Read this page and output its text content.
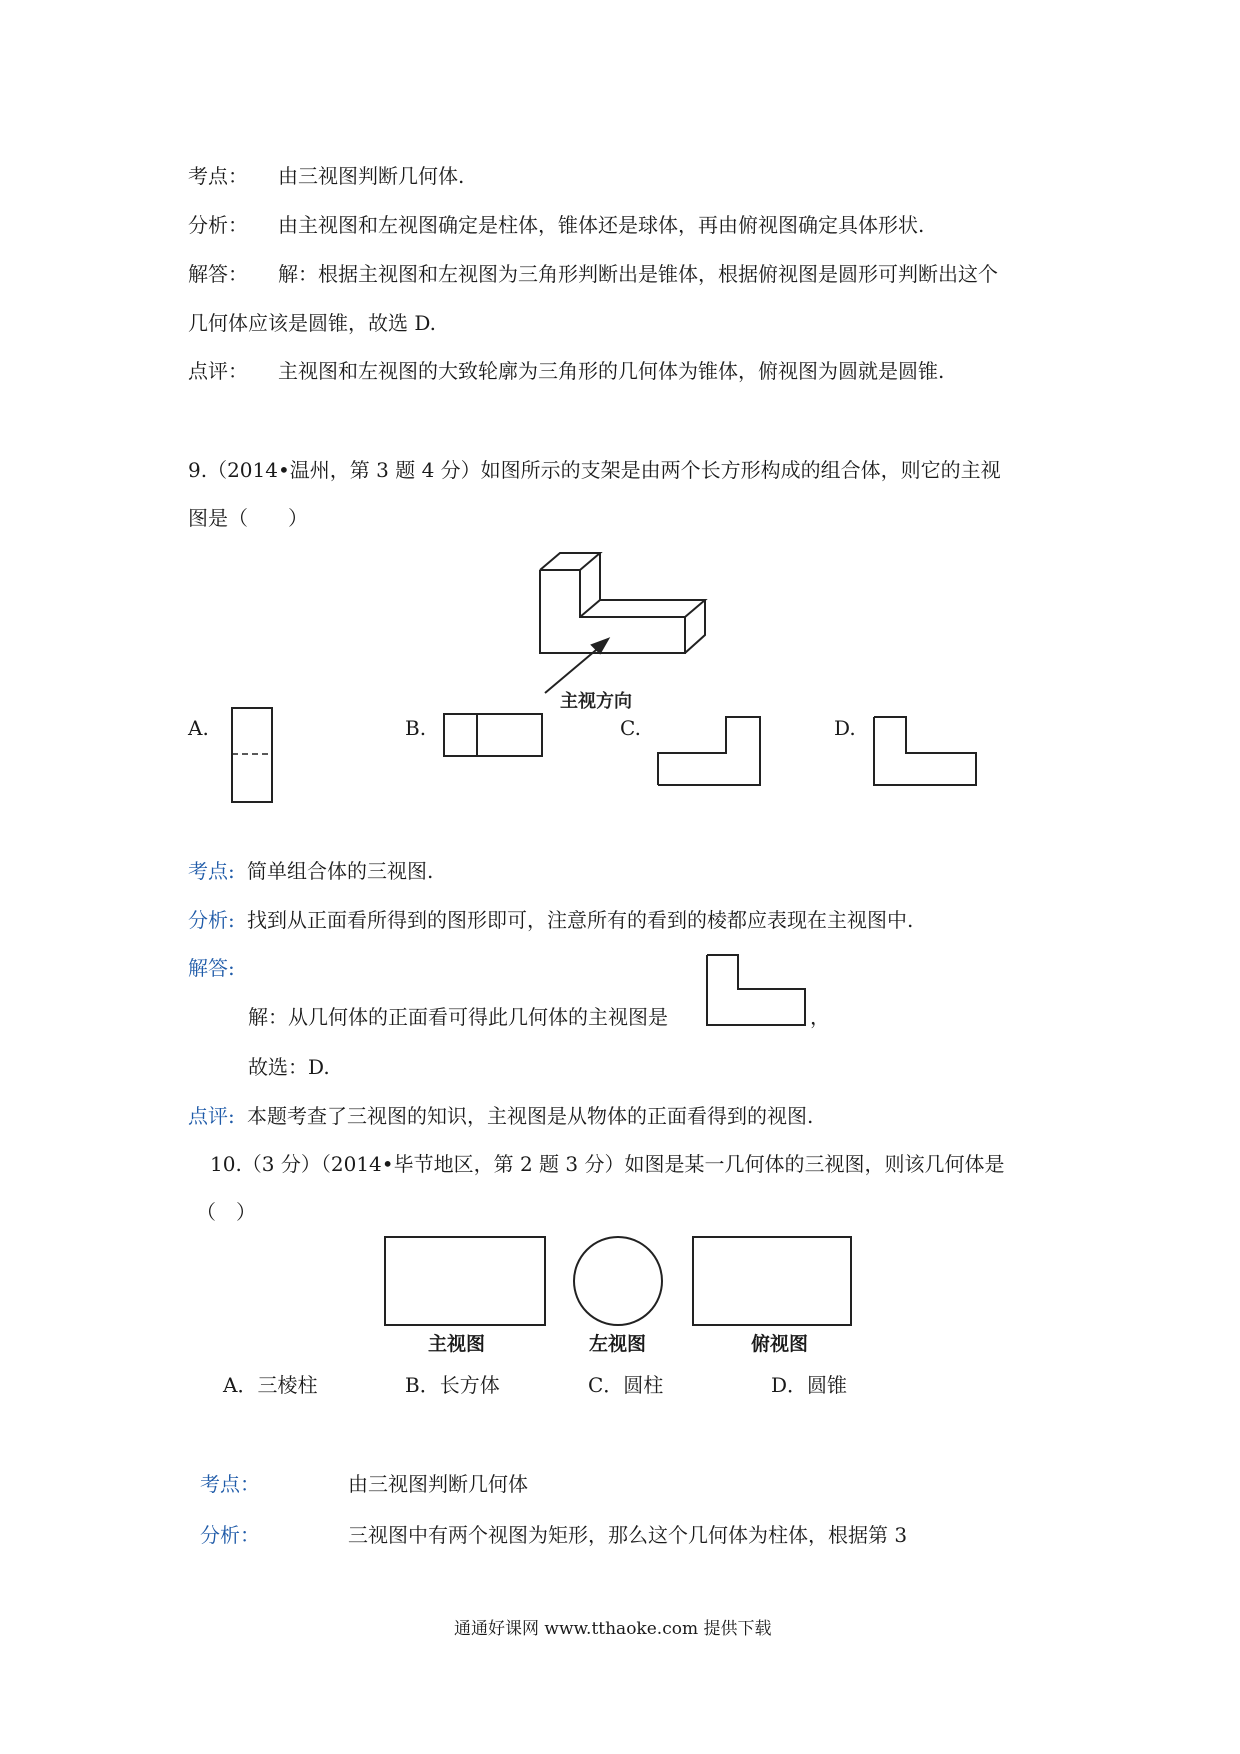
考点： 由三视图判断几何体.
分析： 由主视图和左视图确定是柱体，锥体还是球体，再由俯视图确定具体形状.
解答： 解：根据主视图和左视图为三角形判断出是锥体，根据俯视图是圆形可判断出这个
几何体应该是圆锥，故选 D.
点评： 主视图和左视图的大致轮廓为三角形的几何体为锥体，俯视图为圆就是圆锥.
9.（2014•温州，第 3 题 4 分）如图所示的支架是由两个长方形构成的组合体，则它的主视
图是（　　）
主视方向
A.	B.	C.	D.
考点: 简单组合体的三视图.
分析: 找到从正面看所得到的图形即可，注意所有的看到的棱都应表现在主视图中.
解答:
解：从几何体的正面看可得此几何体的主视图是	，
故选：D.
点评: 本题考查了三视图的知识，主视图是从物体的正面看得到的视图.
10.（3 分）（2014•毕节地区，第 2 题 3 分）如图是某一几何体的三视图，则该几何体是
（　）
主视图	左视图	俯视图
A．三棱柱	B．长方体	C．圆柱	D．圆锥
考点：	由三视图判断几何体
分析：	三视图中有两个视图为矩形，那么这个几何体为柱体，根据第 3
通通好课网 www.tthaoke.com 提供下载
